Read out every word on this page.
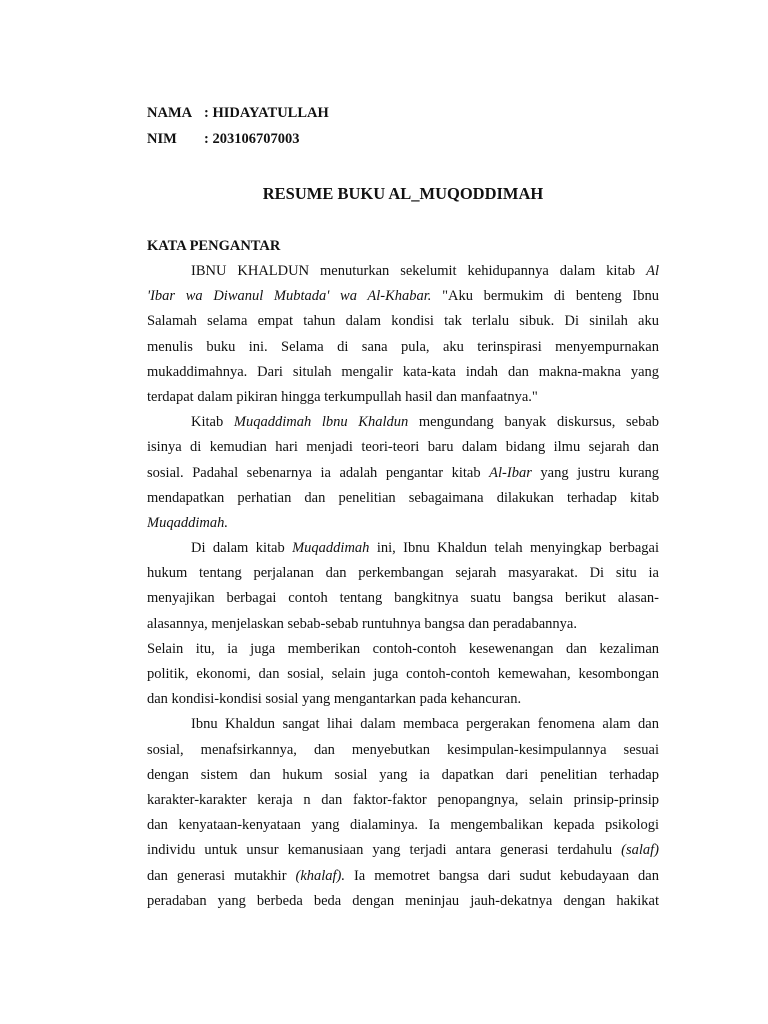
NAMA : HIDAYATULLAH
NIM	: 203106707003
RESUME BUKU AL_MUQODDIMAH
KATA PENGANTAR
IBNU KHALDUN menuturkan sekelumit kehidupannya dalam kitab Al
'Ibar wa Diwanul Mubtada' wa Al-Khabar. "Aku bermukim di benteng Ibnu
Salamah selama empat tahun dalam kondisi tak terlalu sibuk. Di sinilah aku
menulis buku ini. Selama di sana pula, aku terinspirasi menyempurnakan
mukaddimahnya. Dari situlah mengalir kata-kata indah dan makna-makna yang
terdapat dalam pikiran hingga terkumpullah hasil dan manfaatnya."
Kitab Muqaddimah lbnu Khaldun mengundang banyak diskursus, sebab
isinya di kemudian hari menjadi teori-teori baru dalam bidang ilmu sejarah dan
sosial. Padahal sebenarnya ia adalah pengantar kitab Al-Ibar yang justru kurang
mendapatkan perhatian dan penelitian sebagaimana dilakukan terhadap kitab
Muqaddimah.
Di dalam kitab Muqaddimah ini, Ibnu Khaldun telah menyingkap berbagai
hukum tentang perjalanan dan perkembangan sejarah masyarakat. Di situ ia
menyajikan berbagai contoh tentang bangkitnya suatu bangsa berikut alasan-
alasannya, menjelaskan sebab-sebab runtuhnya bangsa dan peradabannya.
Selain itu, ia juga memberikan contoh-contoh kesewenangan dan kezaliman
politik, ekonomi, dan sosial, selain juga contoh-contoh kemewahan, kesombongan
dan kondisi-kondisi sosial yang mengantarkan pada kehancuran.
Ibnu Khaldun sangat lihai dalam membaca pergerakan fenomena alam dan
sosial, menafsirkannya, dan menyebutkan kesimpulan-kesimpulannya sesuai
dengan sistem dan hukum sosial yang ia dapatkan dari penelitian terhadap
karakter-karakter keraja n dan faktor-faktor penopangnya, selain prinsip-prinsip
dan kenyataan-kenyataan yang dialaminya. Ia mengembalikan kepada psikologi
individu untuk unsur kemanusiaan yang terjadi antara generasi terdahulu (salaf)
dan generasi mutakhir (khalaf). Ia memotret bangsa dari sudut kebudayaan dan
peradaban yang berbeda beda dengan meninjau jauh-dekatnya dengan hakikat
